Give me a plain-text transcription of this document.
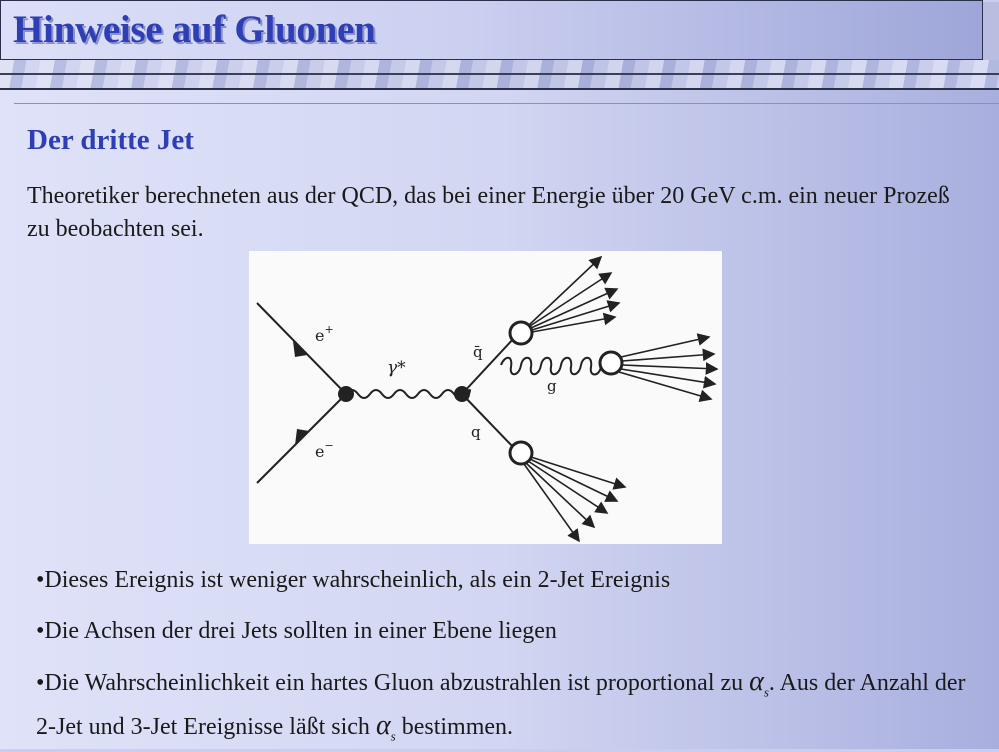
Hinweise auf Gluonen
Der dritte Jet

Theoretiker berechneten aus der QCD, das bei einer Energie über 20 GeV c.m. ein neuer Prozeß zu beobachten sei.

e+
e−
γ*
q̄
q
g

•Dieses Ereignis ist weniger wahrscheinlich, als ein 2-Jet Ereignis

•Die Achsen der drei Jets sollten in einer Ebene liegen

•Die Wahrscheinlichkeit ein hartes Gluon abzustrahlen ist proportional zu $\alpha_s$. Aus der Anzahl der 2-Jet und 3-Jet Ereignisse läßt sich $\alpha_s$ bestimmen.
